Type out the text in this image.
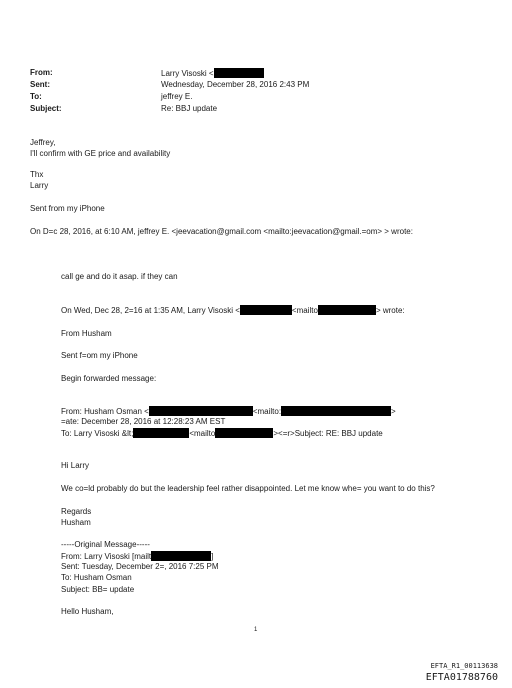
From:	Larry Visoski <
Sent:	Wednesday, December 28, 2016 2:43 PM
To:	jeffrey E.
Subject:	Re: BBJ update
Jeffrey,
I'll confirm with GE price and availability
Thx
Larry
Sent from my iPhone
On D=c 28, 2016, at 6:10 AM, jeffrey E. <jeevacation@gmail.com <mailto:jeevacation@gmail.=om> > wrote:
call ge and do it asap. if they can
On Wed, Dec 28, 2=16 at 1:35 AM, Larry Visoski <	<mailto	> wrote:
From Husham
Sent f=om my iPhone
Begin forwarded message:
From: Husham Osman <	<mailto:	>
=ate: December 28, 2016 at 12:28:23 AM EST
To: Larry Visoski &lt;	<mailto	><=r>Subject: RE: BBJ update
Hi Larry
We co=ld probably do but the leadership feel rather disappointed. Let me know whe= you want to do this?
Regards
Husham
-----Original Message-----
From: Larry Visoski [mailt	]
Sent: Tuesday, December 2=, 2016 7:25 PM
To: Husham Osman
Subject: BB= update
Hello Husham,
1
EFTA_R1_00113638
EFTA01788760
